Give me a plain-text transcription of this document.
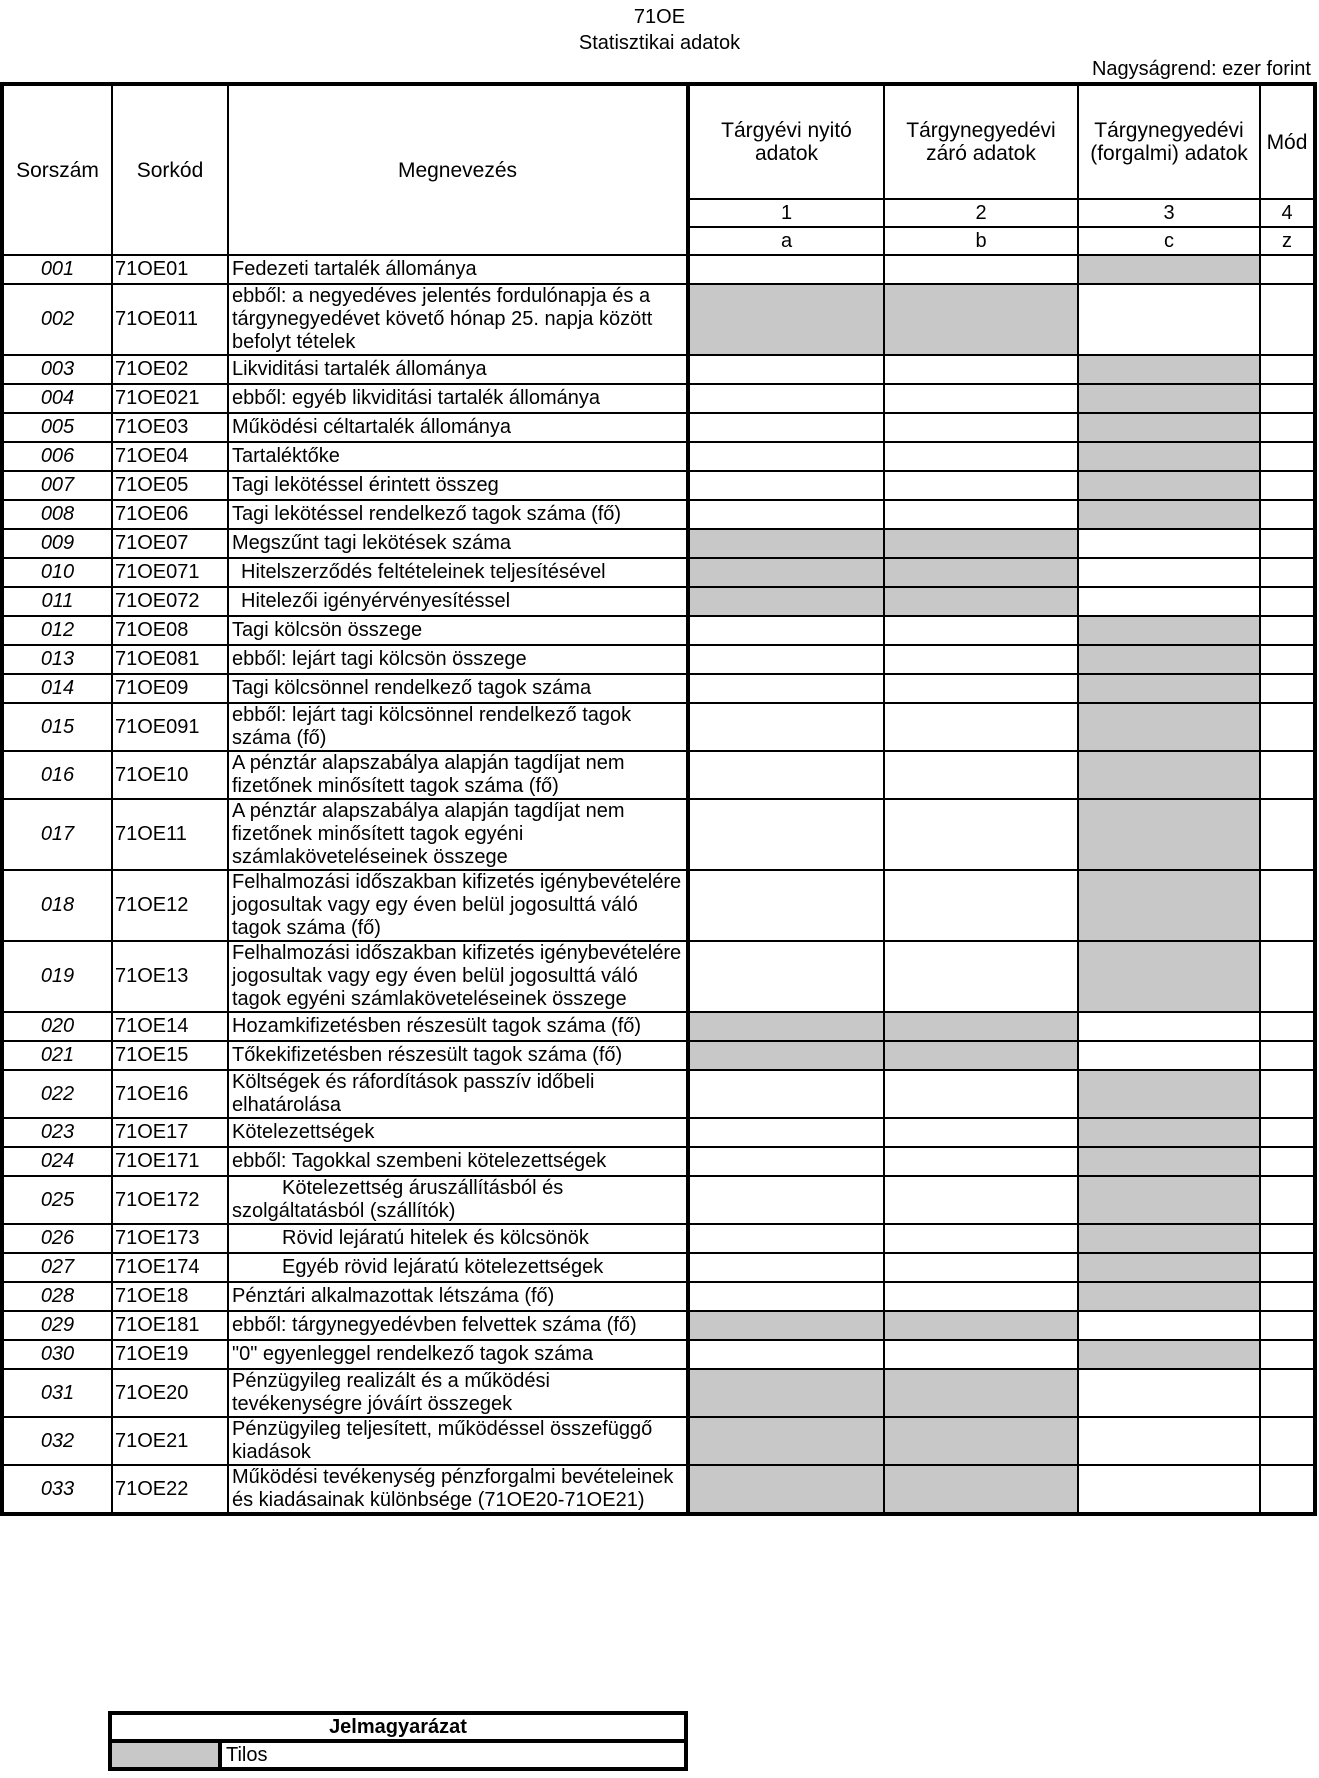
71OE
Statisztikai adatok
Nagyságrend: ezer forint
Sorszám	Sorkód	Megnevezés	Tárgyévi nyitó adatok	Tárgynegyedévi záró adatok	Tárgynegyedévi (forgalmi) adatok	Mód
			1	2	3	4
			a	b	c	z
001	71OE01	Fedezeti tartalék állománya				
002	71OE011	ebből: a negyedéves jelentés fordulónapja és a tárgynegyedévet követő hónap 25. napja között befolyt tételek				
003	71OE02	Likviditási tartalék állománya				
004	71OE021	ebből: egyéb likviditási tartalék állománya				
005	71OE03	Működési céltartalék állománya				
006	71OE04	Tartaléktőke				
007	71OE05	Tagi lekötéssel érintett összeg				
008	71OE06	Tagi lekötéssel rendelkező tagok száma (fő)				
009	71OE07	Megszűnt tagi lekötések száma				
010	71OE071	Hitelszerződés feltételeinek teljesítésével				
011	71OE072	Hitelezői igényérvényesítéssel				
012	71OE08	Tagi kölcsön összege				
013	71OE081	ebből: lejárt tagi kölcsön összege				
014	71OE09	Tagi kölcsönnel rendelkező tagok száma				
015	71OE091	ebből: lejárt tagi kölcsönnel rendelkező tagok száma (fő)				
016	71OE10	A pénztár alapszabálya alapján tagdíjat nem fizetőnek minősített tagok száma (fő)				
017	71OE11	A pénztár alapszabálya alapján tagdíjat nem fizetőnek minősített tagok egyéni számlaköveteléseinek összege				
018	71OE12	Felhalmozási időszakban kifizetés igénybevételére jogosultak vagy egy éven belül jogosulttá váló tagok száma (fő)				
019	71OE13	Felhalmozási időszakban kifizetés igénybevételére jogosultak vagy egy éven belül jogosulttá váló tagok egyéni számlaköveteléseinek összege				
020	71OE14	Hozamkifizetésben részesült tagok száma (fő)				
021	71OE15	Tőkekifizetésben részesült tagok száma (fő)				
022	71OE16	Költségek és ráfordítások passzív időbeli elhatárolása				
023	71OE17	Kötelezettségek				
024	71OE171	ebből: Tagokkal szembeni kötelezettségek				
025	71OE172	Kötelezettség áruszállításból és szolgáltatásból (szállítók)				
026	71OE173	Rövid lejáratú hitelek és kölcsönök				
027	71OE174	Egyéb rövid lejáratú kötelezettségek				
028	71OE18	Pénztári alkalmazottak létszáma (fő)				
029	71OE181	ebből: tárgynegyedévben felvettek száma (fő)				
030	71OE19	"0" egyenleggel rendelkező tagok száma				
031	71OE20	Pénzügyileg realizált és a működési tevékenységre jóváírt összegek				
032	71OE21	Pénzügyileg teljesített, működéssel összefüggő kiadások				
033	71OE22	Működési tevékenység pénzforgalmi bevételeinek és kiadásainak különbsége (71OE20-71OE21)				
Jelmagyarázat
	Tilos
